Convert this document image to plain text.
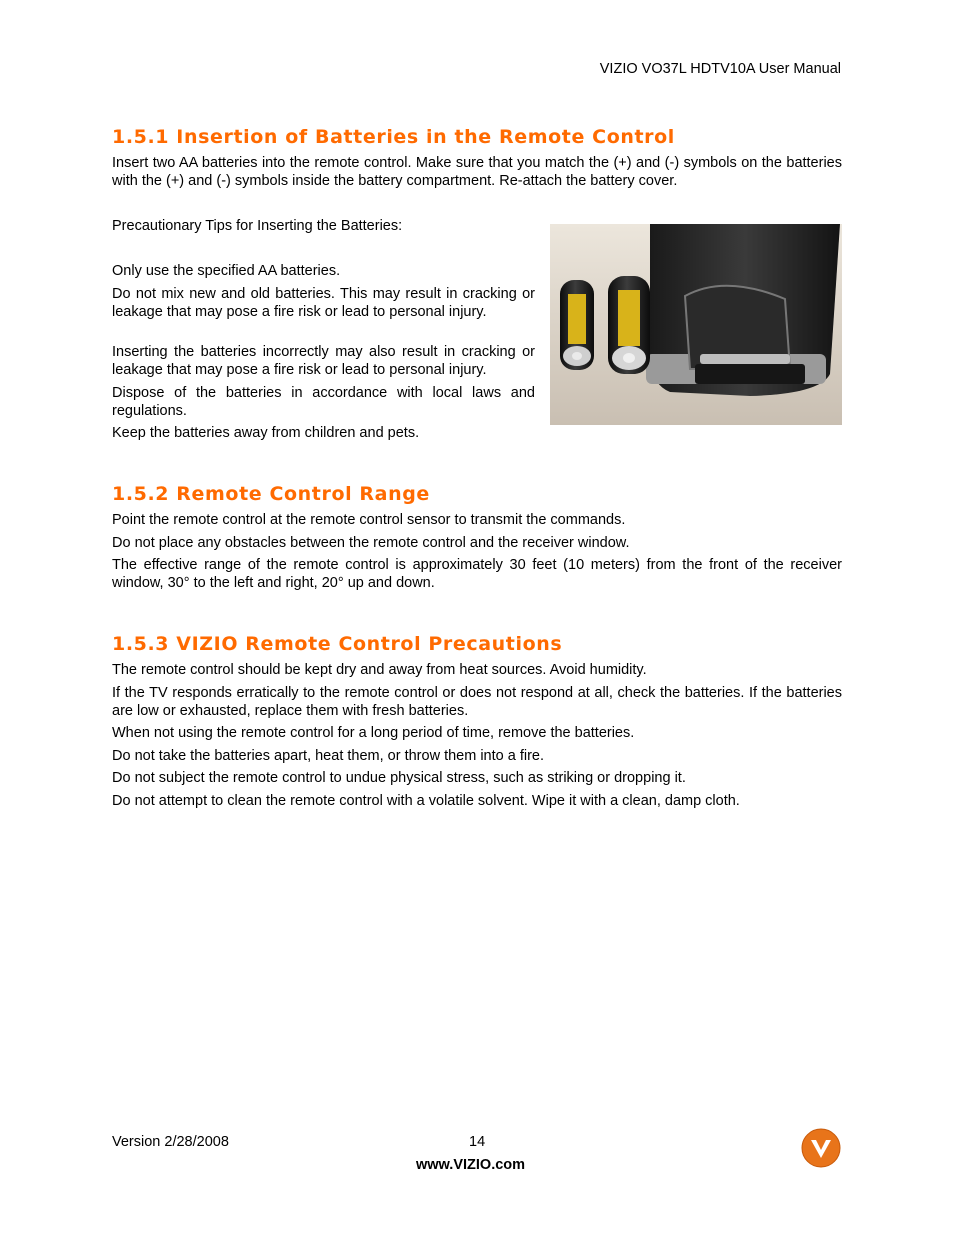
VIZIO VO37L HDTV10A User Manual
1.5.1 Insertion of Batteries in the Remote Control
Insert two AA batteries into the remote control. Make sure that you match the (+) and (-) symbols on the batteries with the (+) and (-) symbols inside the battery compartment. Re-attach the battery cover.
Precautionary Tips for Inserting the Batteries:
Only use the specified AA batteries.
Do not mix new and old batteries. This may result in cracking or leakage that may pose a fire risk or lead to personal injury.
Inserting the batteries incorrectly may also result in cracking or leakage that may pose a fire risk or lead to personal injury.
Dispose of the batteries in accordance with local laws and regulations.
Keep the batteries away from children and pets.
1.5.2 Remote Control Range
Point the remote control at the remote control sensor to transmit the commands.
Do not place any obstacles between the remote control and the receiver window.
The effective range of the remote control is approximately 30 feet (10 meters) from the front of the receiver window, 30° to the left and right, 20° up and down.
1.5.3 VIZIO Remote Control Precautions
The remote control should be kept dry and away from heat sources. Avoid humidity.
If the TV responds erratically to the remote control or does not respond at all, check the batteries. If the batteries are low or exhausted, replace them with fresh batteries.
When not using the remote control for a long period of time, remove the batteries.
Do not take the batteries apart, heat them, or throw them into a fire.
Do not subject the remote control to undue physical stress, such as striking or dropping it.
Do not attempt to clean the remote control with a volatile solvent. Wipe it with a clean, damp cloth.
Version 2/28/2008	14
www.VIZIO.com
